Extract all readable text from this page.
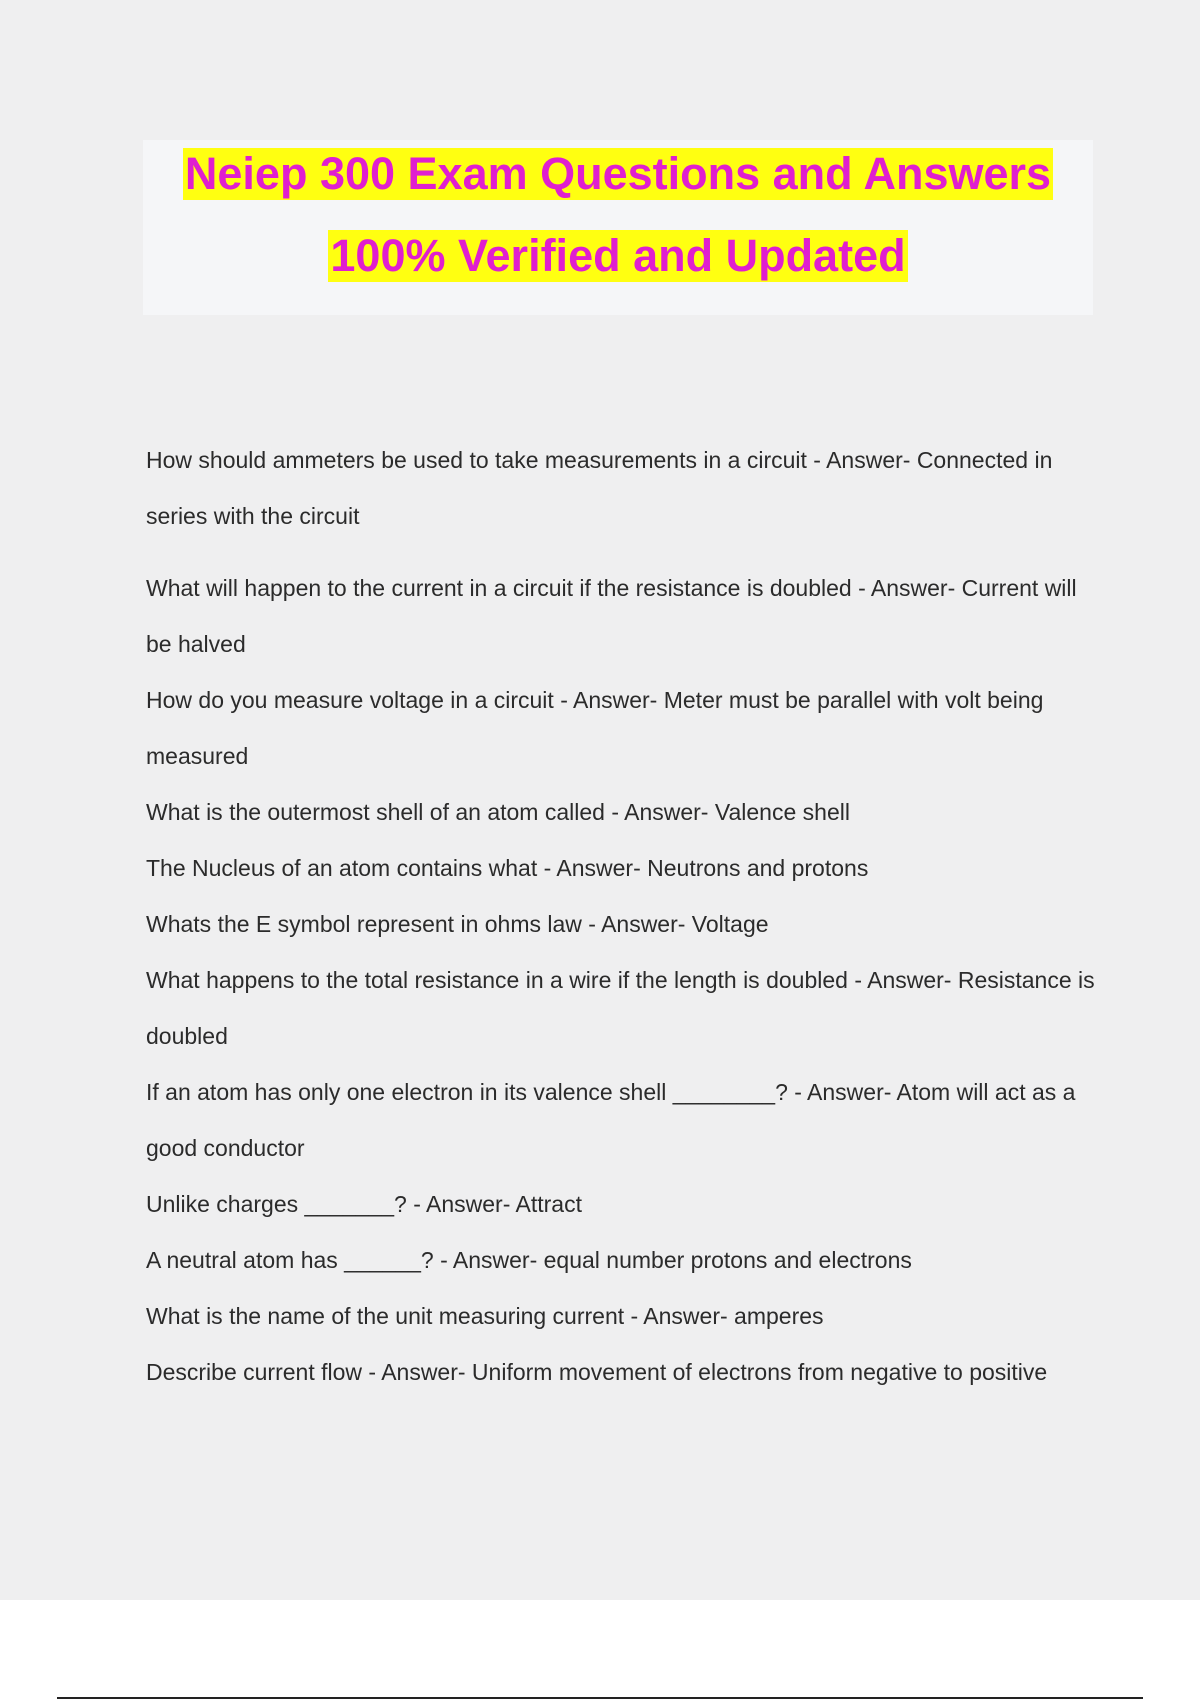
Neiep 300 Exam Questions and Answers
100% Verified and Updated

How should ammeters be used to take measurements in a circuit - Answer- Connected in series with the circuit

What will happen to the current in a circuit if the resistance is doubled - Answer- Current will be halved

How do you measure voltage in a circuit - Answer- Meter must be parallel with volt being measured

What is the outermost shell of an atom called - Answer- Valence shell

The Nucleus of an atom contains what - Answer- Neutrons and protons

Whats the E symbol represent in ohms law - Answer- Voltage

What happens to the total resistance in a wire if the length is doubled - Answer- Resistance is doubled

If an atom has only one electron in its valence shell ________? - Answer- Atom will act as a good conductor

Unlike charges _______? - Answer- Attract

A neutral atom has ______? - Answer- equal number protons and electrons

What is the name of the unit measuring current - Answer- amperes

Describe current flow - Answer- Uniform movement of electrons from negative to positive
